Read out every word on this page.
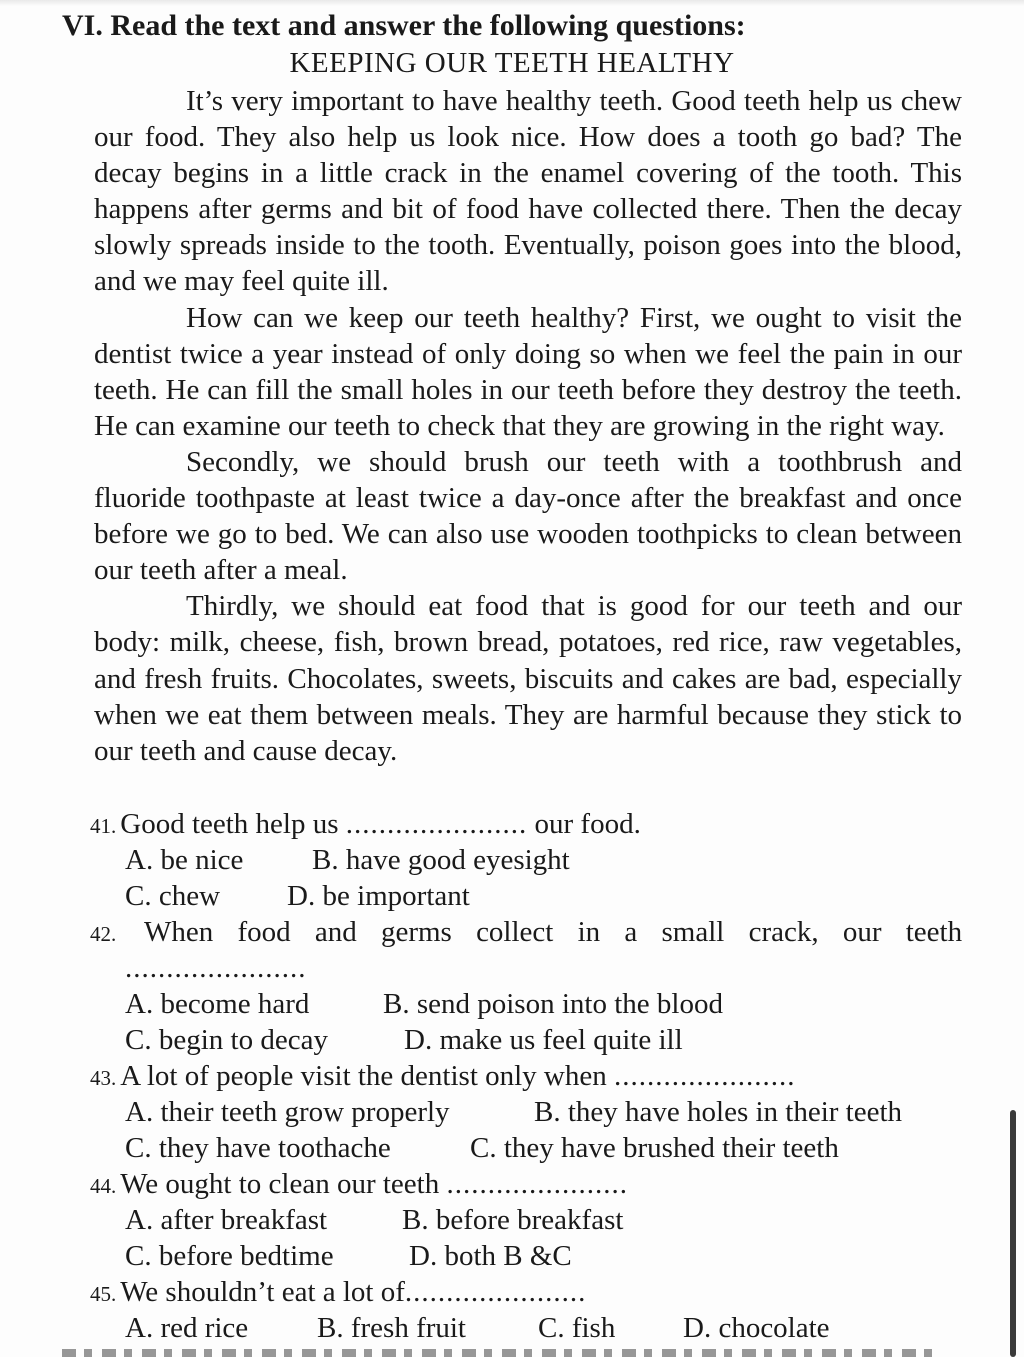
VI. Read the text and answer the following questions:
KEEPING OUR TEETH HEALTHY

It’s very important to have healthy teeth. Good teeth help us chew our food. They also help us look nice. How does a tooth go bad? The decay begins in a little crack in the enamel covering of the tooth. This happens after germs and bit of food have collected there. Then the decay slowly spreads inside to the tooth. Eventually, poison goes into the blood, and we may feel quite ill.

How can we keep our teeth healthy? First, we ought to visit the dentist twice a year instead of only doing so when we feel the pain in our teeth. He can fill the small holes in our teeth before they destroy the teeth. He can examine our teeth to check that they are growing in the right way.

Secondly, we should brush our teeth with a toothbrush and fluoride toothpaste at least twice a day-once after the breakfast and once before we go to bed. We can also use wooden toothpicks to clean between our teeth after a meal.

Thirdly, we should eat food that is good for our teeth and our body: milk, cheese, fish, brown bread, potatoes, red rice, raw vegetables, and fresh fruits. Chocolates, sweets, biscuits and cakes are bad, especially when we eat them between meals. They are harmful because they stick to our teeth and cause decay.

41. Good teeth help us ...................... our food.
A. be nice B. have good eyesight
C. chew D. be important
42. When food and germs collect in a small crack, our teeth
......................
A. become hard	B. send poison into the blood
C. begin to decay	D. make us feel quite ill
43. A lot of people visit the dentist only when ......................
A. their teeth grow properly	B. they have holes in their teeth
C. they have toothache	C. they have brushed their teeth
44. We ought to clean our teeth ......................
A. after breakfast	B. before breakfast
C. before bedtime	D. both B &C
45. We shouldn’t eat a lot of......................
A. red rice B. fresh fruit C. fish D. chocolate
